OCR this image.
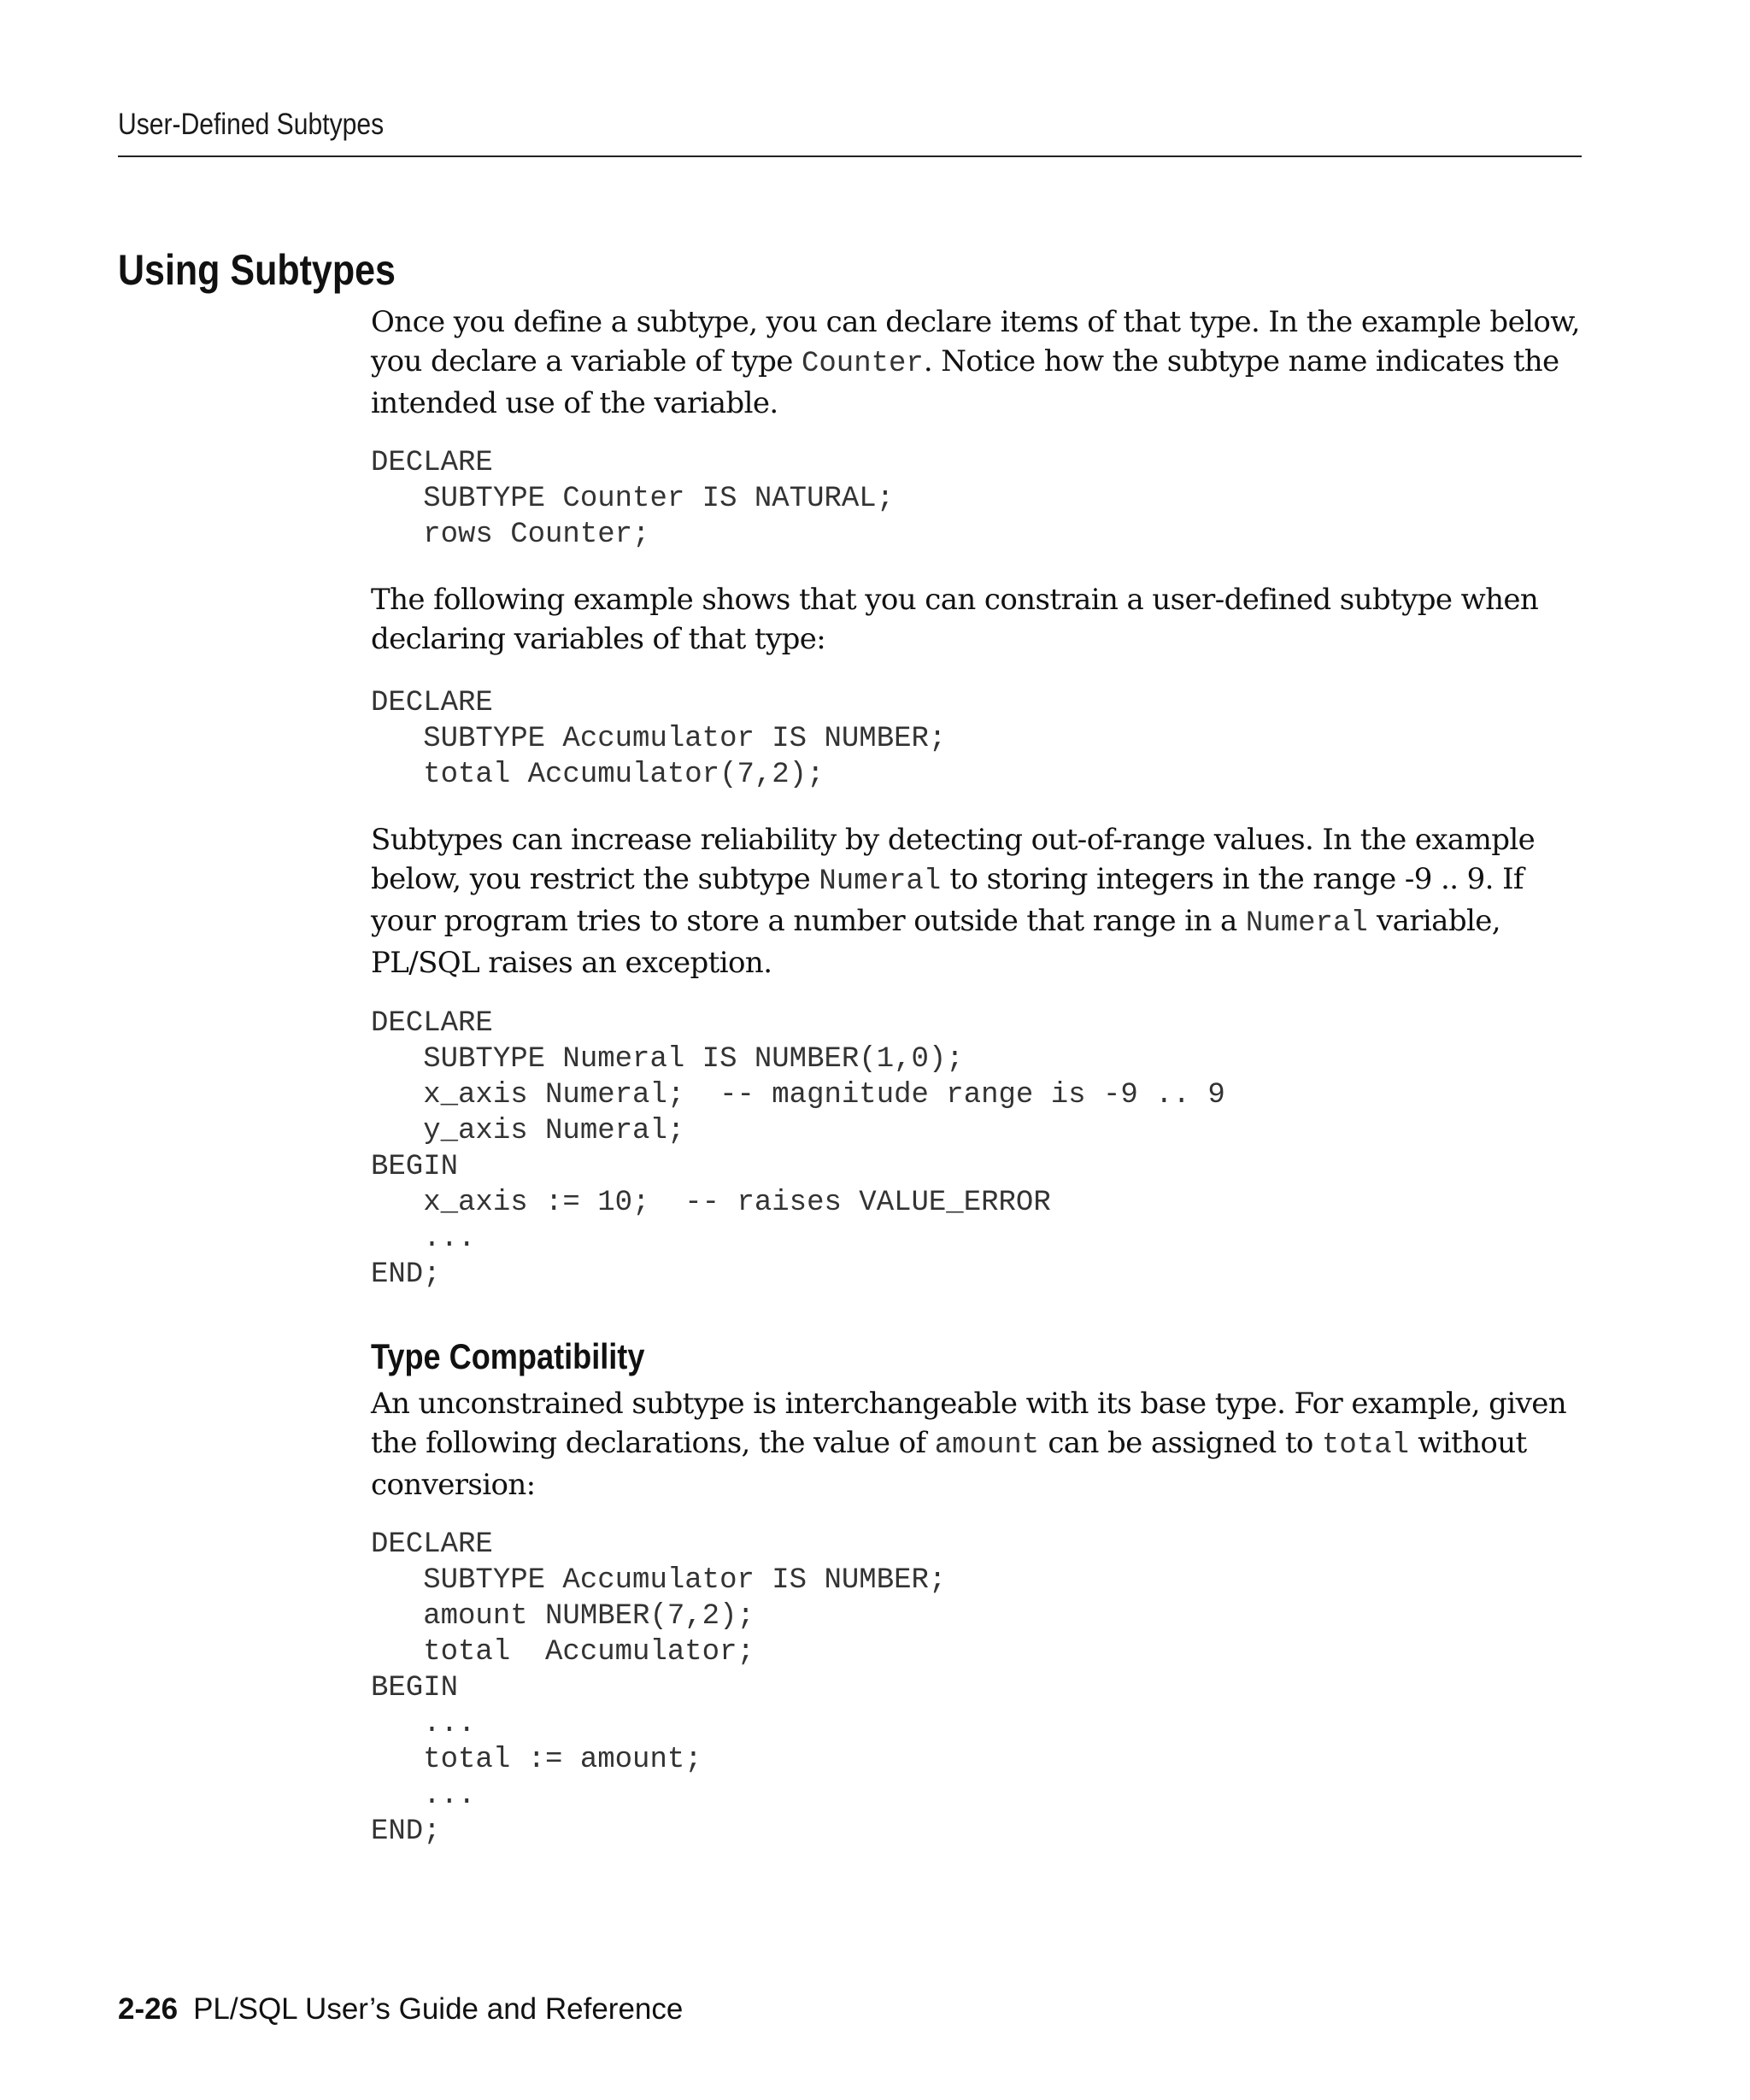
User-Defined Subtypes
Using Subtypes

Once you define a subtype, you can declare items of that type. In the example below, you declare a variable of type Counter. Notice how the subtype name indicates the intended use of the variable.

DECLARE
SUBTYPE Counter IS NATURAL;
rows Counter;

The following example shows that you can constrain a user-defined subtype when declaring variables of that type:

DECLARE
SUBTYPE Accumulator IS NUMBER;
total Accumulator(7,2);

Subtypes can increase reliability by detecting out-of-range values. In the example below, you restrict the subtype Numeral to storing integers in the range -9 .. 9. If your program tries to store a number outside that range in a Numeral variable, PL/SQL raises an exception.

DECLARE
SUBTYPE Numeral IS NUMBER(1,0);
x_axis Numeral;  -- magnitude range is -9 .. 9
y_axis Numeral;
BEGIN
x_axis := 10;  -- raises VALUE_ERROR
...
END;
Type Compatibility

An unconstrained subtype is interchangeable with its base type. For example, given the following declarations, the value of amount can be assigned to total without conversion:

DECLARE
SUBTYPE Accumulator IS NUMBER;
amount NUMBER(7,2);
total  Accumulator;
BEGIN
...
total := amount;
...
END;
2-26 PL/SQL User’s Guide and Reference
